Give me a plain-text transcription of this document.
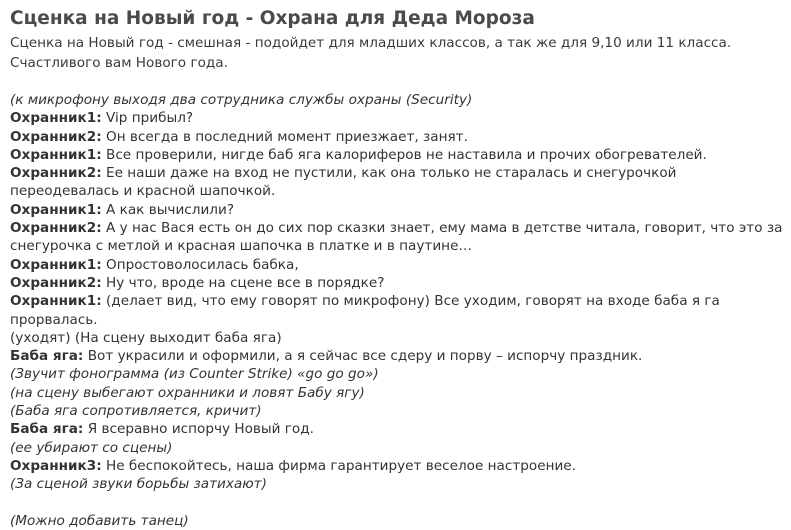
Сценка на Новый год - Охрана для Деда Мороза

Сценка на Новый год - смешная - подойдет для младших классов, а так же для 9,10 или 11 класса. Счастливого вам Нового года.

(к микрофону выходя два сотрудника службы охраны (Security)
Охранник1: Vip прибыл?
Охранник2: Он всегда в последний момент приезжает, занят.
Охранник1: Все проверили, нигде баб яга калориферов не наставила и прочих обогревателей.
Охранник2: Ее наши даже на вход не пустили, как она только не старалась и снегурочкой переодевалась и красной шапочкой.
Охранник1: А как вычислили?
Охранник2: А у нас Вася есть он до сих пор сказки знает, ему мама в детстве читала, говорит, что это за снегурочка с метлой и красная шапочка в платке и в паутине…
Охранник1: Опростоволосилась бабка,
Охранник2: Ну что, вроде на сцене все в порядке?
Охранник1: (делает вид, что ему говорят по микрофону) Все уходим, говорят на входе баба я га прорвалась.
(уходят) (На сцену выходит баба яга)
Баба яга: Вот украсили и оформили, а я сейчас все сдеру и порву – испорчу праздник.
(Звучит фонограмма (из Counter Strike) «go go go»)
(на сцену выбегают охранники и ловят Бабу ягу)
(Баба яга сопротивляется, кричит)
Баба яга: Я всеравно испорчу Новый год.
(ее убирают со сцены)
Охранник3: Не беспокойтесь, наша фирма гарантирует веселое настроение.
(За сценой звуки борьбы затихают)
(Можно добавить танец)
